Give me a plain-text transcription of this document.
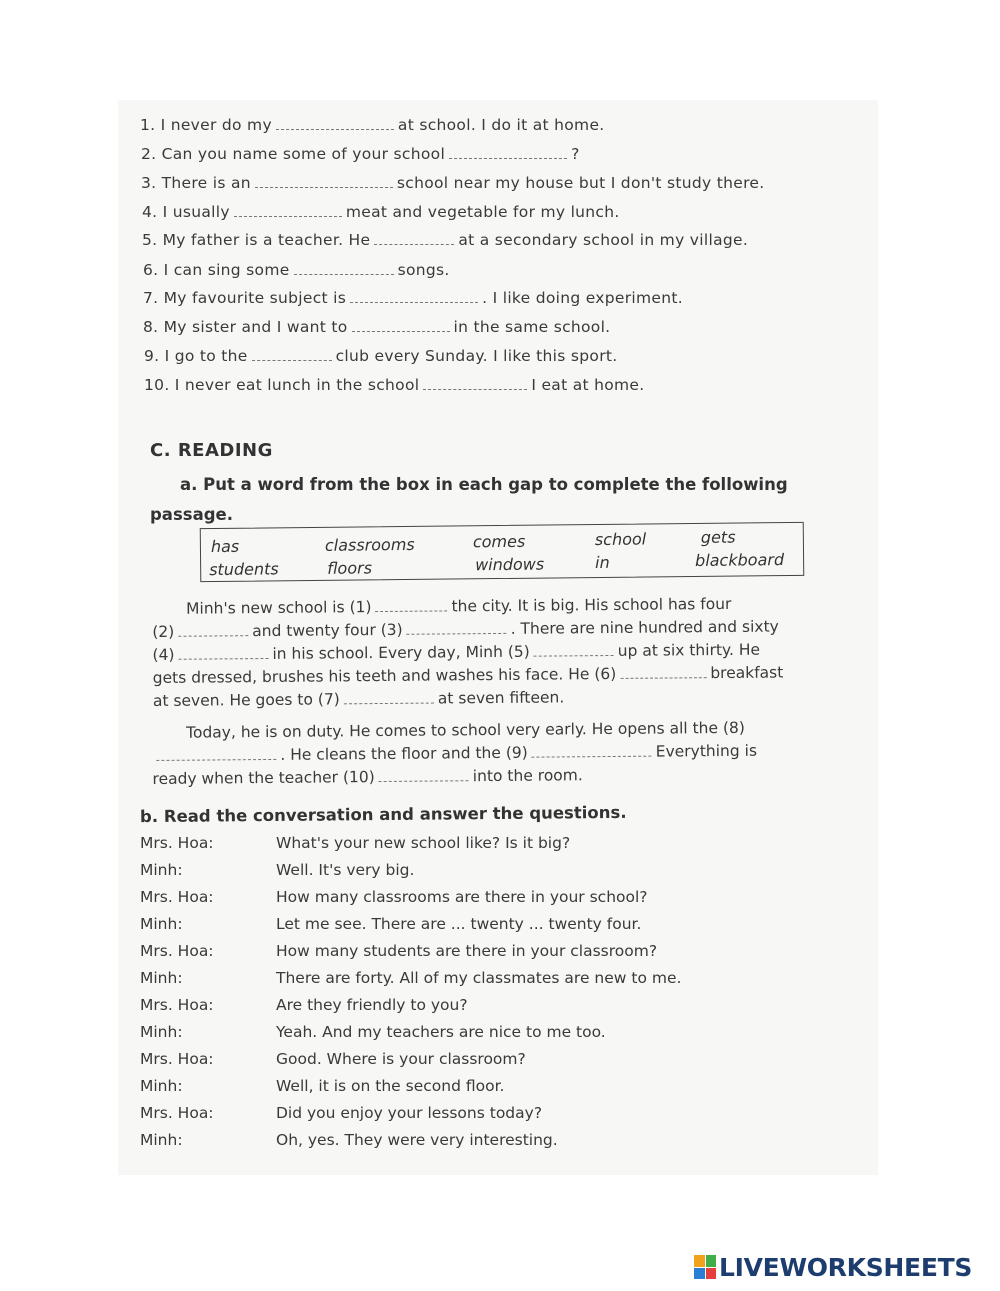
1. I never do my	at school. I do it at home.
2. Can you name some of your school	?
3. There is an	school near my house but I don't study there.
4. I usually	meat and vegetable for my lunch.
5. My father is a teacher. He	at a secondary school in my village.
6. I can sing some	songs.
7. My favourite subject is	. I like doing experiment.
8. My sister and I want to	in the same school.
9. I go to the	club every Sunday. I like this sport.
10. I never eat lunch in the school	I eat at home.
C. READING
a. Put a word from the box in each gap to complete the following passage.
has	classrooms	comes	school	gets
students	floors	windows	in	blackboard
Minh's new school is (1)	the city. It is big. His school has four
(2)	and twenty four (3)	. There are nine hundred and sixty
(4)	in his school. Every day, Minh (5)	up at six thirty. He
gets dressed, brushes his teeth and washes his face. He (6)	breakfast
at seven. He goes to (7)	at seven fifteen.
Today, he is on duty. He comes to school very early. He opens all the (8)
. He cleans the floor and the (9)	Everything is
ready when the teacher (10)	into the room.
b. Read the conversation and answer the questions.
Mrs. Hoa:	What's your new school like? Is it big?
Minh:	Well. It's very big.
Mrs. Hoa:	How many classrooms are there in your school?
Minh:	Let me see. There are ... twenty ... twenty four.
Mrs. Hoa:	How many students are there in your classroom?
Minh:	There are forty. All of my classmates are new to me.
Mrs. Hoa:	Are they friendly to you?
Minh:	Yeah. And my teachers are nice to me too.
Mrs. Hoa:	Good. Where is your classroom?
Minh:	Well, it is on the second floor.
Mrs. Hoa:	Did you enjoy your lessons today?
Minh:	Oh, yes. They were very interesting.
LIVEWORKSHEETS
